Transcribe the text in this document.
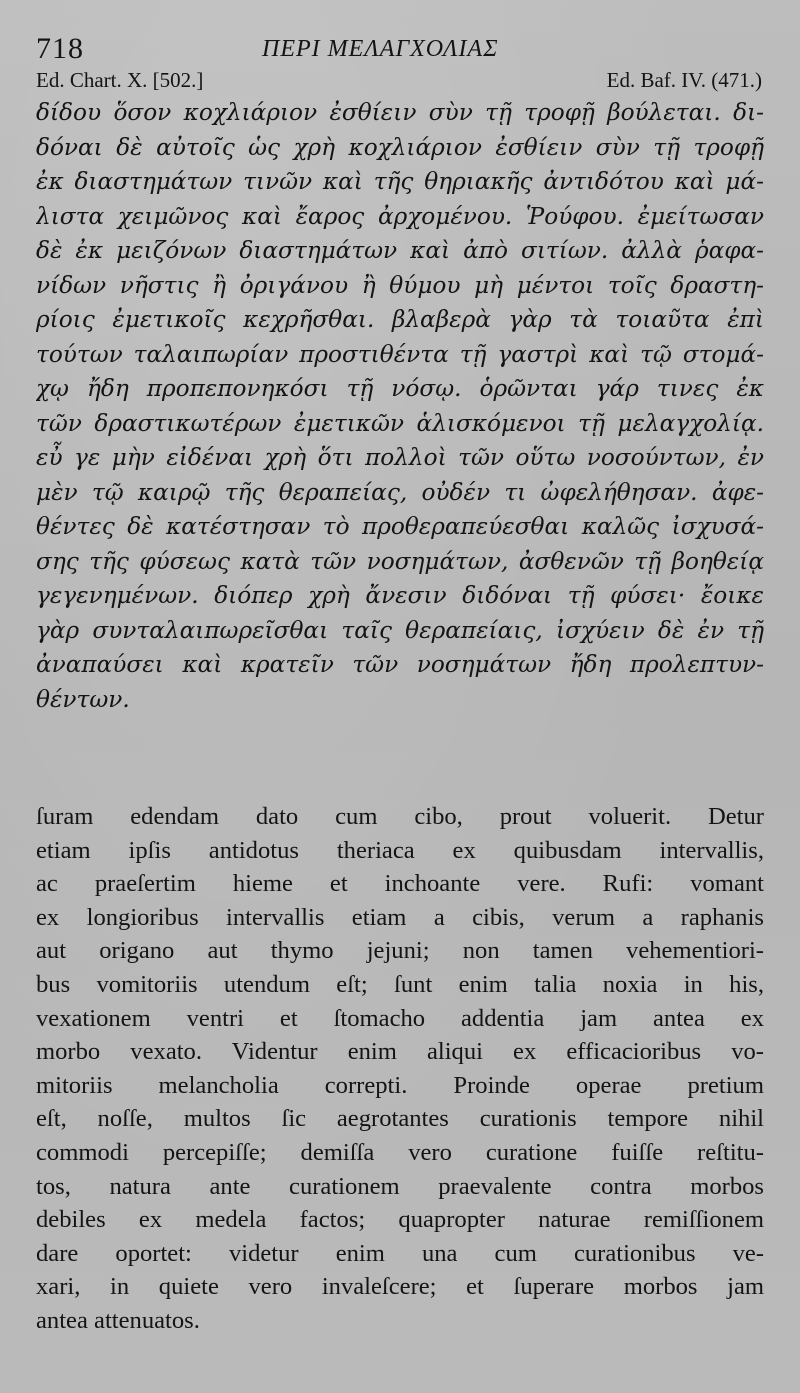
718	ΠΕΡΙ ΜΕΛΑΓΧΟΛΙΑΣ
Ed. Chart. X. [502.]	Ed. Baf. IV. (471.)
δίδου ὅσον κοχλιάριον ἐσθίειν σὺν τῇ τροφῇ βούλεται. δι-
δόναι δὲ αὐτοῖς ὡς χρὴ κοχλιάριον ἐσθίειν σὺν τῇ τροφῇ
ἐκ διαστημάτων τινῶν καὶ τῆς θηριακῆς ἀντιδότου καὶ μά-
λιστα χειμῶνος καὶ ἔαρος ἀρχομένου. Ῥούφου. ἐμείτωσαν
δὲ ἐκ μειζόνων διαστημάτων καὶ ἀπὸ σιτίων. ἀλλὰ ῥαφα-
νίδων νῆστις ἢ ὀριγάνου ἢ θύμου μὴ μέντοι τοῖς δραστη-
ρίοις ἐμετικοῖς κεχρῆσθαι. βλαβερὰ γὰρ τὰ τοιαῦτα ἐπὶ
τούτων ταλαιπωρίαν προστιθέντα τῇ γαστρὶ καὶ τῷ στομά-
χῳ ἤδη προπεπονηκόσι τῇ νόσῳ. ὁρῶνται γάρ τινες ἐκ
τῶν δραστικωτέρων ἐμετικῶν ἁλισκόμενοι τῇ μελαγχολίᾳ.
εὖ γε μὴν εἰδέναι χρὴ ὅτι πολλοὶ τῶν οὕτω νοσούντων, ἐν
μὲν τῷ καιρῷ τῆς θεραπείας, οὐδέν τι ὠφελήθησαν. ἀφε-
θέντες δὲ κατέστησαν τὸ προθεραπεύεσθαι καλῶς ἰσχυσά-
σης τῆς φύσεως κατὰ τῶν νοσημάτων, ἀσθενῶν τῇ βοηθείᾳ
γεγενημένων. διόπερ χρὴ ἄνεσιν διδόναι τῇ φύσει· ἔοικε
γὰρ συνταλαιπωρεῖσθαι ταῖς θεραπείαις, ἰσχύειν δὲ ἐν τῇ
ἀναπαύσει καὶ κρατεῖν τῶν νοσημάτων ἤδη προλεπτυν-
θέντων.
ſuram edendam dato cum cibo, prout voluerit. Detur
etiam ipſis antidotus theriaca ex quibusdam intervallis,
ac praeſertim hieme et inchoante vere. Rufi: vomant
ex longioribus intervallis etiam a cibis, verum a raphanis
aut origano aut thymo jejuni; non tamen vehementiori-
bus vomitoriis utendum eſt; ſunt enim talia noxia in his,
vexationem ventri et ſtomacho addentia jam antea ex
morbo vexato. Videntur enim aliqui ex efficacioribus vo-
mitoriis melancholia correpti. Proinde operae pretium
eſt, noſſe, multos ſic aegrotantes curationis tempore nihil
commodi percepiſſe; demiſſa vero curatione fuiſſe reſtitu-
tos, natura ante curationem praevalente contra morbos
debiles ex medela factos; quapropter naturae remiſſionem
dare oportet: videtur enim una cum curationibus ve-
xari, in quiete vero invaleſcere; et ſuperare morbos jam
antea attenuatos.
